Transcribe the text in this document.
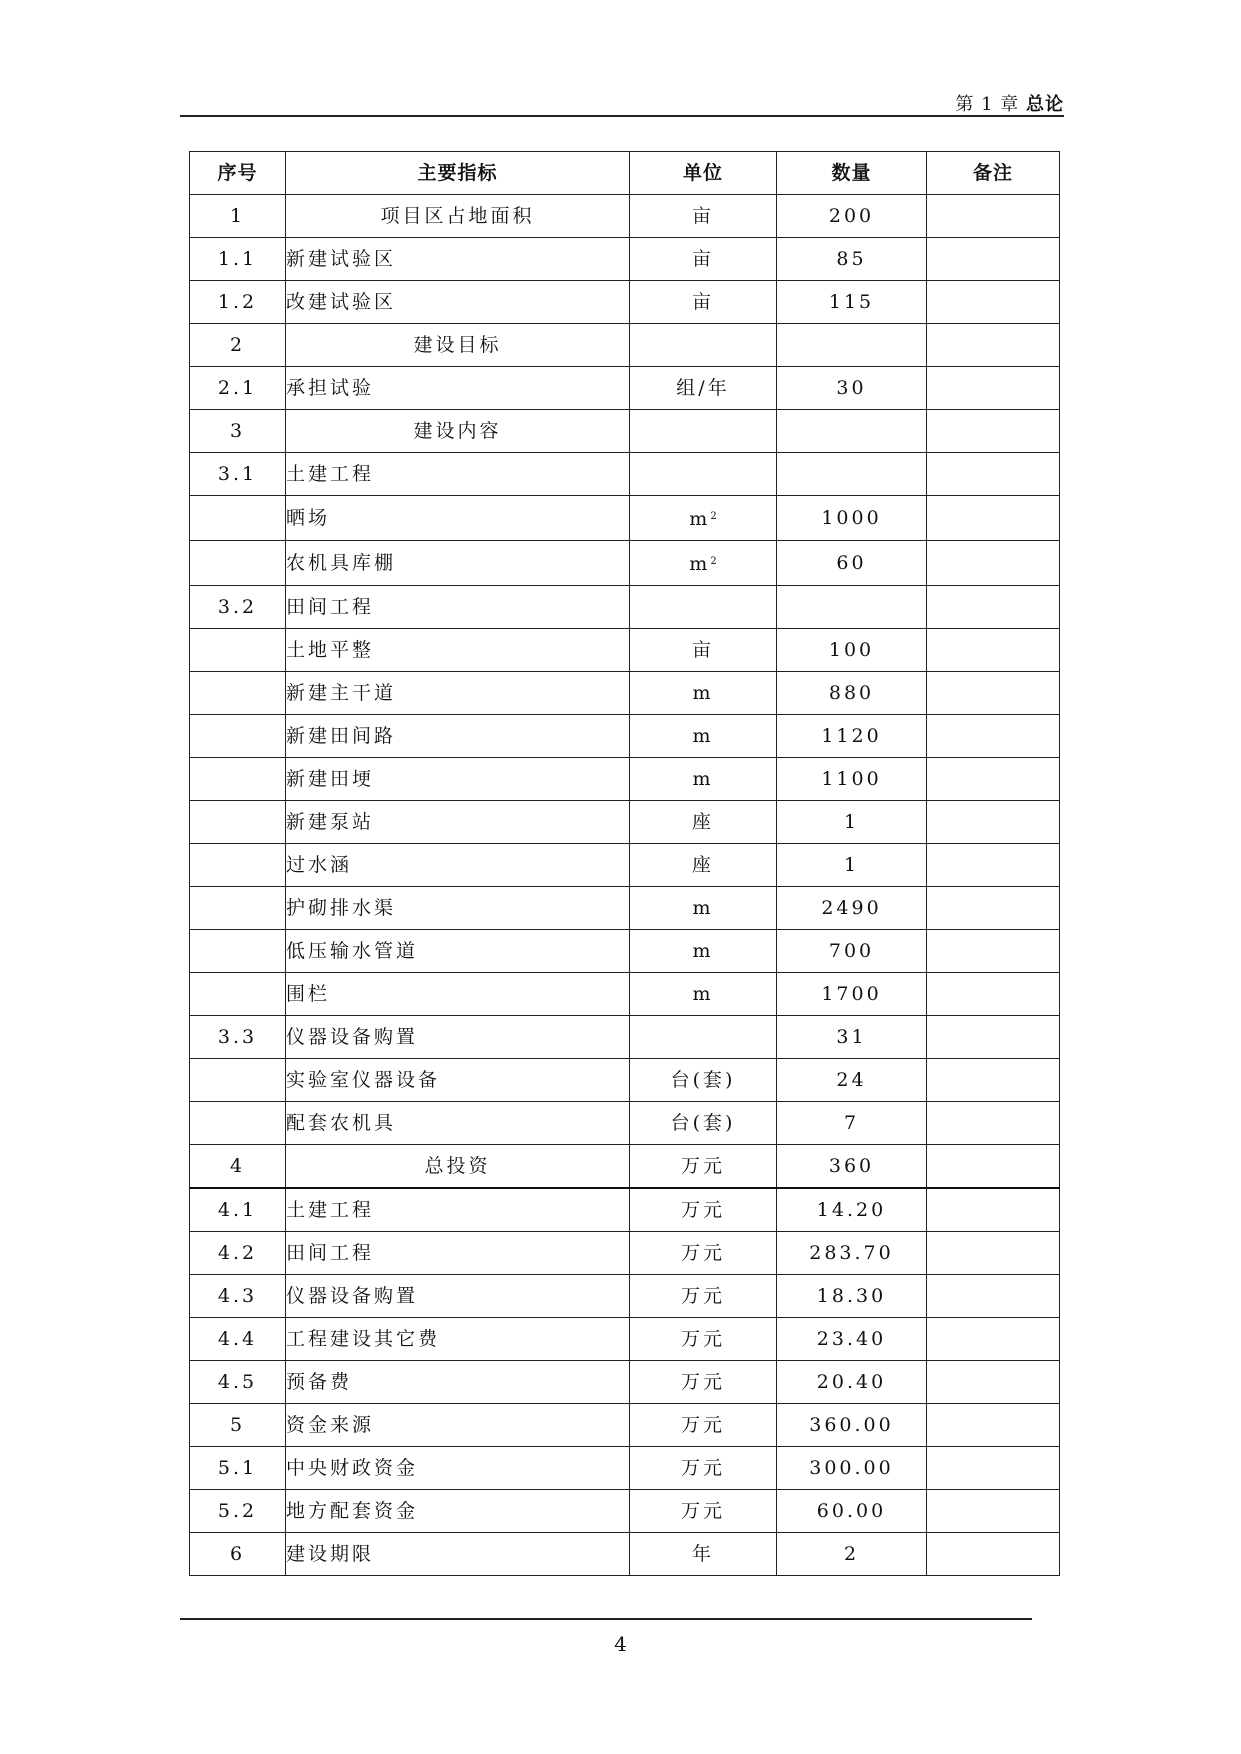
第 1 章 总论
序号	主要指标	单位	数量	备注
1	项目区占地面积	亩	200	
1.1	新建试验区	亩	85	
1.2	改建试验区	亩	115	
2	建设目标			
2.1	承担试验	组/年	30	
3	建设内容			
3.1	土建工程			
	晒场	$m^2$	1000	
	农机具库棚	$m^2$	60	
3.2	田间工程			
	土地平整	亩	100	
	新建主干道	m	880	
	新建田间路	m	1120	
	新建田埂	m	1100	
	新建泵站	座	1	
	过水涵	座	1	
	护砌排水渠	m	2490	
	低压输水管道	m	700	
	围栏	m	1700	
3.3	仪器设备购置		31	
	实验室仪器设备	台(套)	24	
	配套农机具	台(套)	7	
4	总投资	万元	360	
4.1	土建工程	万元	14.20	
4.2	田间工程	万元	283.70	
4.3	仪器设备购置	万元	18.30	
4.4	工程建设其它费	万元	23.40	
4.5	预备费	万元	20.40	
5	资金来源	万元	360.00	
5.1	中央财政资金	万元	300.00	
5.2	地方配套资金	万元	60.00	
6	建设期限	年	2	
4
